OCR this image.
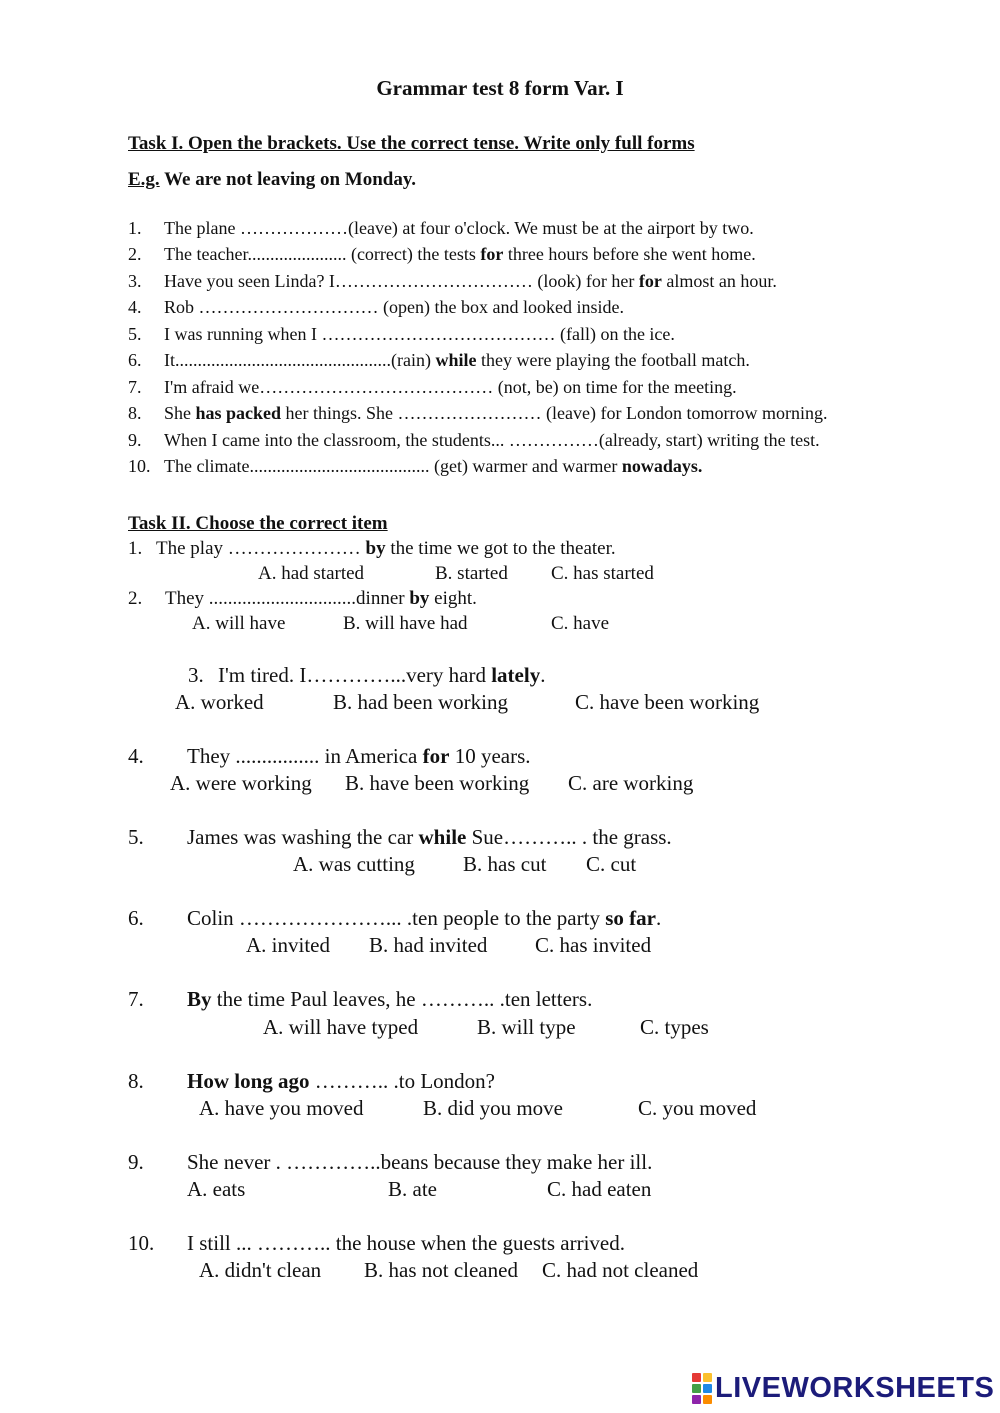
Grammar test 8 form Var. I
Task I. Open the brackets. Use the correct tense. Write only full forms
E.g. We are not leaving on Monday.
1. The plane ………………(leave) at four o'clock. We must be at the airport by two.
2. The teacher...................... (correct) the tests for three hours before she went home.
3. Have you seen Linda? I…………………………… (look) for her for almost an hour.
4. Rob ………………………… (open) the box and looked inside.
5. I was running when I ………………………………… (fall) on the ice.
6. It................................................(rain) while they were playing the football match.
7. I'm afraid we………………………………… (not, be) on time for the meeting.
8. She has packed her things. She …………………… (leave) for London tomorrow morning.
9. When I came into the classroom, the students... ……………(already, start) writing the test.
10. The climate........................................ (get) warmer and warmer nowadays.
Task II. Choose the correct item
1. The play ………………… by the time we got to the theater.
A. had started	B. started C. has started
2. They ...............................dinner by eight.
A. will have	B. will have had	C. have
3. I'm tired. I…………...very hard lately.
A. worked	B. had been working	C. have been working
4. They ................ in America for 10 years.
A. were working B. have been working C. are working
5. James was washing the car while Sue……….. . the grass.
A. was cutting B. has cut C. cut
6. Colin …………………... .ten people to the party so far.
A. invited B. had invited C. has invited
7. By the time Paul leaves, he ……….. .ten letters.
A. will have typed	B. will type	C. types
8. How long ago ……….. .to London?
A. have you moved	B. did you move	C. you moved
9. She never . …………..beans because they make her ill.
A. eats	B. ate	C. had eaten
10. I still ... ……….. the house when the guests arrived.
A. didn't clean B. has not cleaned C. had not cleaned
LIVEWORKSHEETS
